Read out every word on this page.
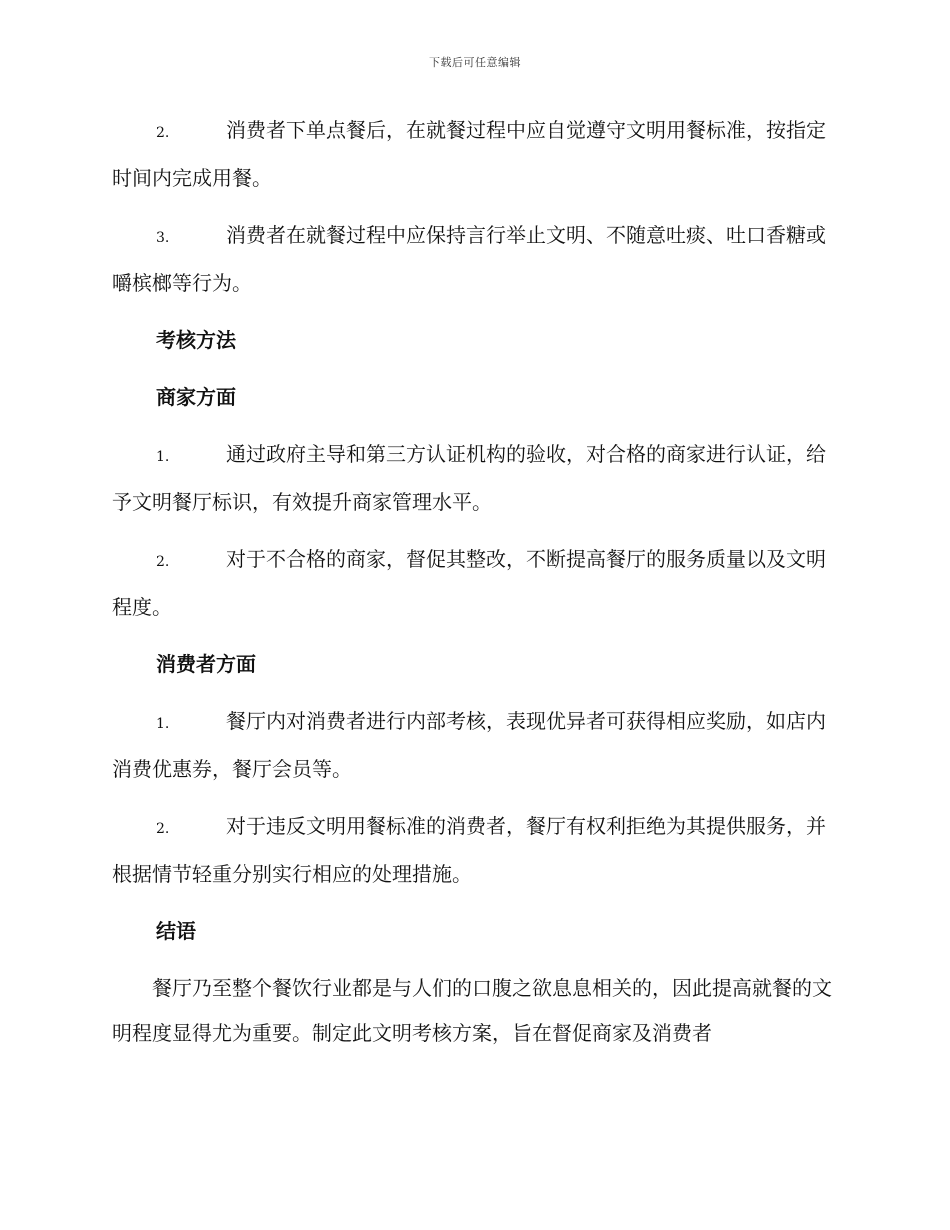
下载后可任意编辑

2.	消费者下单点餐后，在就餐过程中应自觉遵守文明用餐标准，按指定时间内完成用餐。

3.	消费者在就餐过程中应保持言行举止文明、不随意吐痰、吐口香糖或嚼槟榔等行为。

考核方法
商家方面

1.	通过政府主导和第三方认证机构的验收，对合格的商家进行认证，给予文明餐厅标识，有效提升商家管理水平。

2.	对于不合格的商家，督促其整改，不断提高餐厅的服务质量以及文明程度。

消费者方面

1.	餐厅内对消费者进行内部考核，表现优异者可获得相应奖励，如店内消费优惠券，餐厅会员等。

2.	对于违反文明用餐标准的消费者，餐厅有权利拒绝为其提供服务，并根据情节轻重分别实行相应的处理措施。

结语

餐厅乃至整个餐饮行业都是与人们的口腹之欲息息相关的，因此提高就餐的文明程度显得尤为重要。制定此文明考核方案，旨在督促商家及消费者
